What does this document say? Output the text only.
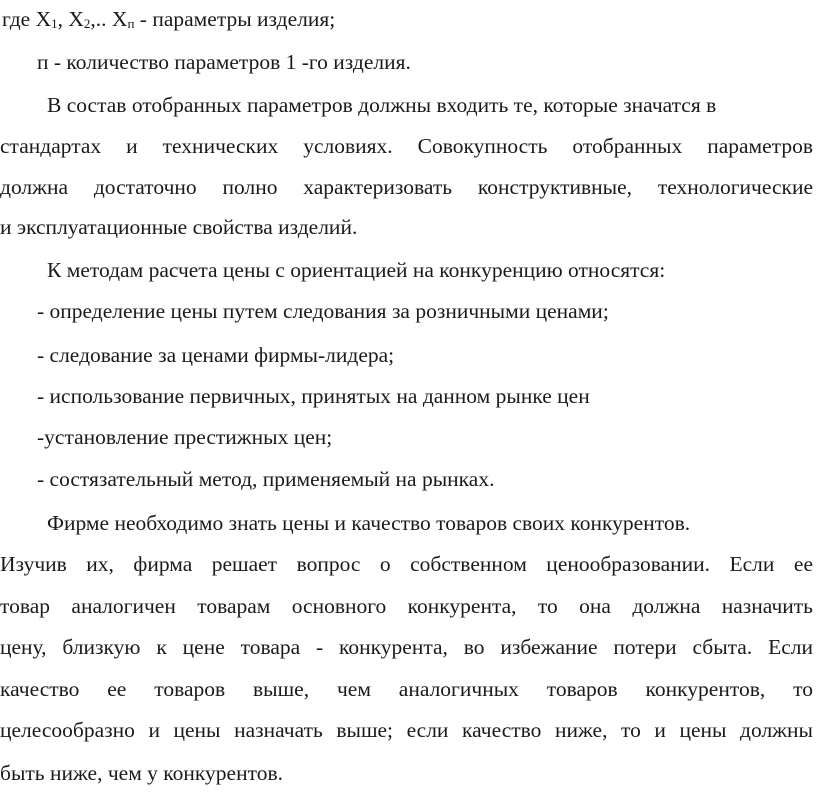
где $Х_1$, $Х_2$,.. $Х_п$ - параметры изделия;
п - количество параметров 1 -го изделия.
В состав отобранных параметров должны входить те, которые значатся в
стандартах и технических условиях. Совокупность отобранных параметров
должна достаточно полно характеризовать конструктивные, технологические
и эксплуатационные свойства изделий.
К методам расчета цены с ориентацией на конкуренцию относятся:
- определение цены путем следования за розничными ценами;
- следование за ценами фирмы-лидера;
- использование первичных, принятых на данном рынке цен
-установление престижных цен;
- состязательный метод, применяемый на рынках.
Фирме необходимо знать цены и качество товаров своих конкурентов.
Изучив их, фирма решает вопрос о собственном ценообразовании. Если ее
товар аналогичен товарам основного конкурента, то она должна назначить
цену, близкую к цене товара - конкурента, во избежание потери сбыта. Если
качество ее товаров выше, чем аналогичных товаров конкурентов, то
целесообразно и цены назначать выше; если качество ниже, то и цены должны
быть ниже, чем у конкурентов.
